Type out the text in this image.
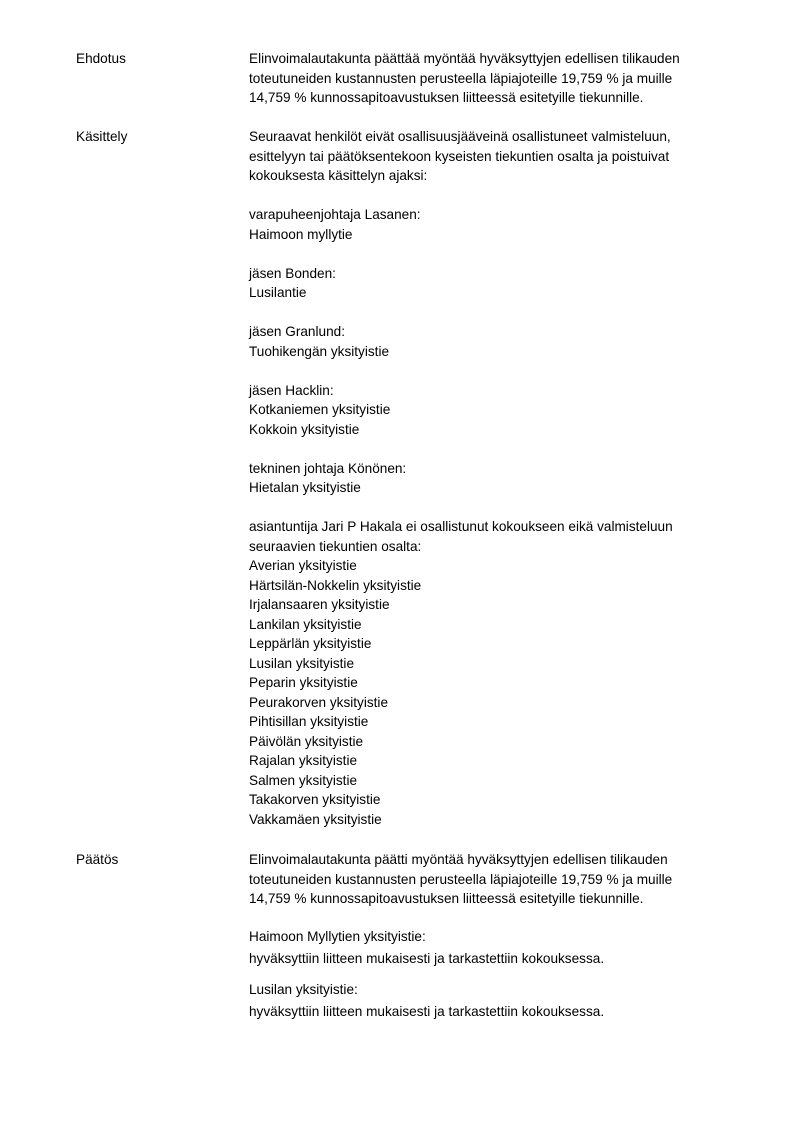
Ehdotus	Elinvoimalautakunta päättää myöntää hyväksyttyjen edellisen tilikauden
toteutuneiden kustannusten perusteella läpiajoteille 19,759 % ja muille
14,759 % kunnossapitoavustuksen liitteessä esitetyille tiekunnille.
Käsittely	Seuraavat henkilöt eivät osallisuusjääveinä osallistuneet valmisteluun,
esittelyyn tai päätöksentekoon kyseisten tiekuntien osalta ja poistuivat
kokouksesta käsittelyn ajaksi:
varapuheenjohtaja Lasanen:
Haimoon myllytie
jäsen Bonden:
Lusilantie
jäsen Granlund:
Tuohikengän yksityistie
jäsen Hacklin:
Kotkaniemen yksityistie
Kokkoin yksityistie
tekninen johtaja Könönen:
Hietalan yksityistie
asiantuntija Jari P Hakala ei osallistunut kokoukseen eikä valmisteluun
seuraavien tiekuntien osalta:
Averian yksityistie
Härtsilän-Nokkelin yksityistie
Irjalansaaren yksityistie
Lankilan yksityistie
Leppärlän yksityistie
Lusilan yksityistie
Peparin yksityistie
Peurakorven yksityistie
Pihtisillan yksityistie
Päivölän yksityistie
Rajalan yksityistie
Salmen yksityistie
Takakorven yksityistie
Vakkamäen yksityistie
Päätös	Elinvoimalautakunta päätti myöntää hyväksyttyjen edellisen tilikauden
toteutuneiden kustannusten perusteella läpiajoteille 19,759 % ja muille
14,759 % kunnossapitoavustuksen liitteessä esitetyille tiekunnille.
Haimoon Myllytien yksityistie:
hyväksyttiin liitteen mukaisesti ja tarkastettiin kokouksessa.
Lusilan yksityistie:
hyväksyttiin liitteen mukaisesti ja tarkastettiin kokouksessa.
